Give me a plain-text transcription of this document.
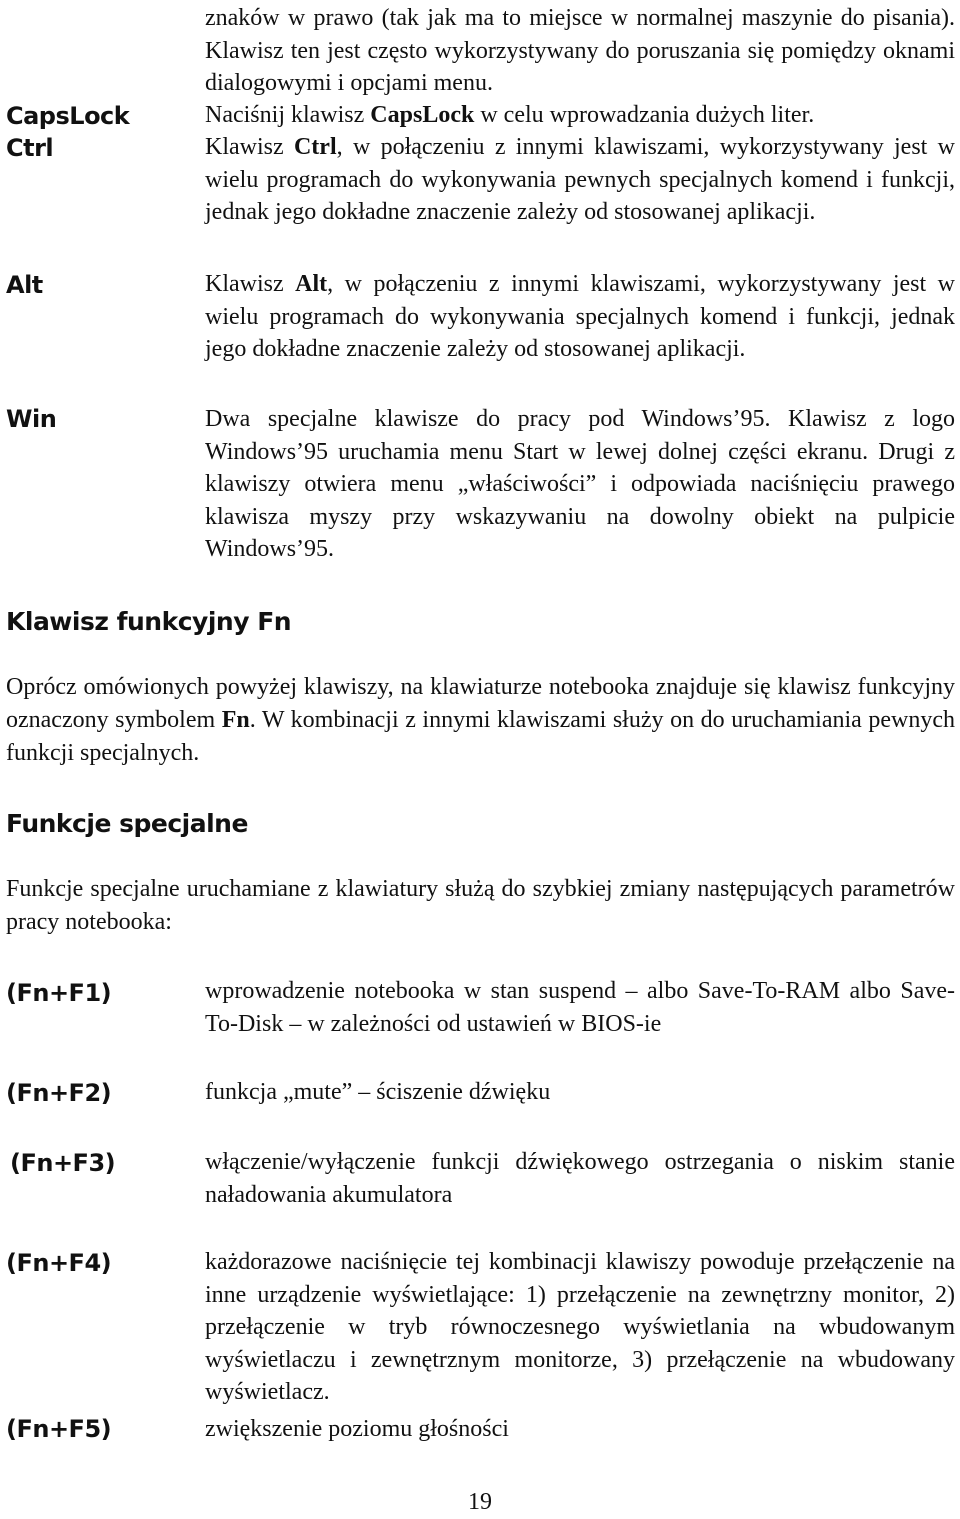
znaków w prawo (tak jak ma to miejsce w normalnej maszynie do pisania). Klawisz ten jest często wykorzystywany do poruszania się pomiędzy oknami dialogowymi i opcjami menu.

CapsLock	Naciśnij klawisz CapsLock w celu wprowadzania dużych liter.

Ctrl	Klawisz Ctrl, w połączeniu z innymi klawiszami, wykorzystywany jest w wielu programach do wykonywania pewnych specjalnych komend i funkcji, jednak jego dokładne znaczenie zależy od stosowanej aplikacji.

Alt	Klawisz Alt, w połączeniu z innymi klawiszami, wykorzystywany jest w wielu programach do wykonywania specjalnych komend i funkcji, jednak jego dokładne znaczenie zależy od stosowanej aplikacji.

Win	Dwa specjalne klawisze do pracy pod Windows’95. Klawisz z logo Windows’95 uruchamia menu Start w lewej dolnej części ekranu. Drugi z klawiszy otwiera menu „właściwości” i odpowiada naciśnięciu prawego klawisza myszy przy wskazywaniu na dowolny obiekt na pulpicie Windows’95.

Klawisz funkcyjny Fn

Oprócz omówionych powyżej klawiszy, na klawiaturze notebooka znajduje się klawisz funkcyjny oznaczony symbolem Fn. W kombinacji z innymi klawiszami służy on do uruchamiania pewnych funkcji specjalnych.

Funkcje specjalne

Funkcje specjalne uruchamiane z klawiatury służą do szybkiej zmiany następujących parametrów pracy notebooka:

(Fn+F1)	wprowadzenie notebooka w stan suspend – albo Save-To-RAM albo Save-To-Disk – w zależności od ustawień w BIOS-ie

(Fn+F2)	funkcja „mute” – ściszenie dźwięku

(Fn+F3)	włączenie/wyłączenie funkcji dźwiękowego ostrzegania o niskim stanie naładowania akumulatora

(Fn+F4)	każdorazowe naciśnięcie tej kombinacji klawiszy powoduje przełączenie na inne urządzenie wyświetlające: 1) przełączenie na zewnętrzny monitor, 2) przełączenie w tryb równoczesnego wyświetlania na wbudowanym wyświetlaczu i zewnętrznym monitorze, 3) przełączenie na wbudowany wyświetlacz.

(Fn+F5)	zwiększenie poziomu głośności

19
